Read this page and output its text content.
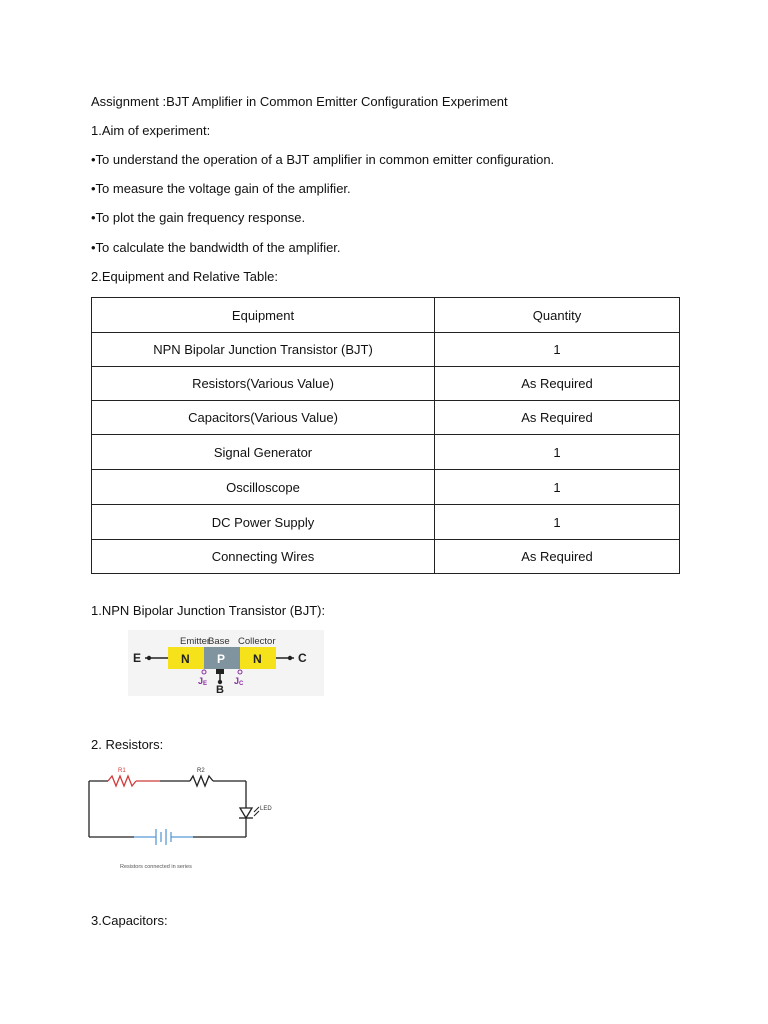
Assignment :BJT Amplifier in Common Emitter Configuration Experiment
1.Aim of experiment:
•To understand the operation of a BJT amplifier in common emitter configuration.
•To measure the voltage gain of the amplifier.
•To plot the gain frequency response.
•To calculate the bandwidth of the amplifier.
2.Equipment and Relative Table:
Equipment	Quantity
NPN Bipolar Junction Transistor (BJT)	1
Resistors(Various Value)	As Required
Capacitors(Various Value)	As Required
Signal Generator	1
Oscilloscope	1
DC Power Supply	1
Connecting Wires	As Required
1.NPN Bipolar Junction Transistor (BJT):
Emitter
Base Collector
E	N P N	C
B
JE	JC
2. Resistors:
R1	R2
LED
Resistors connected in series
3.Capacitors:
